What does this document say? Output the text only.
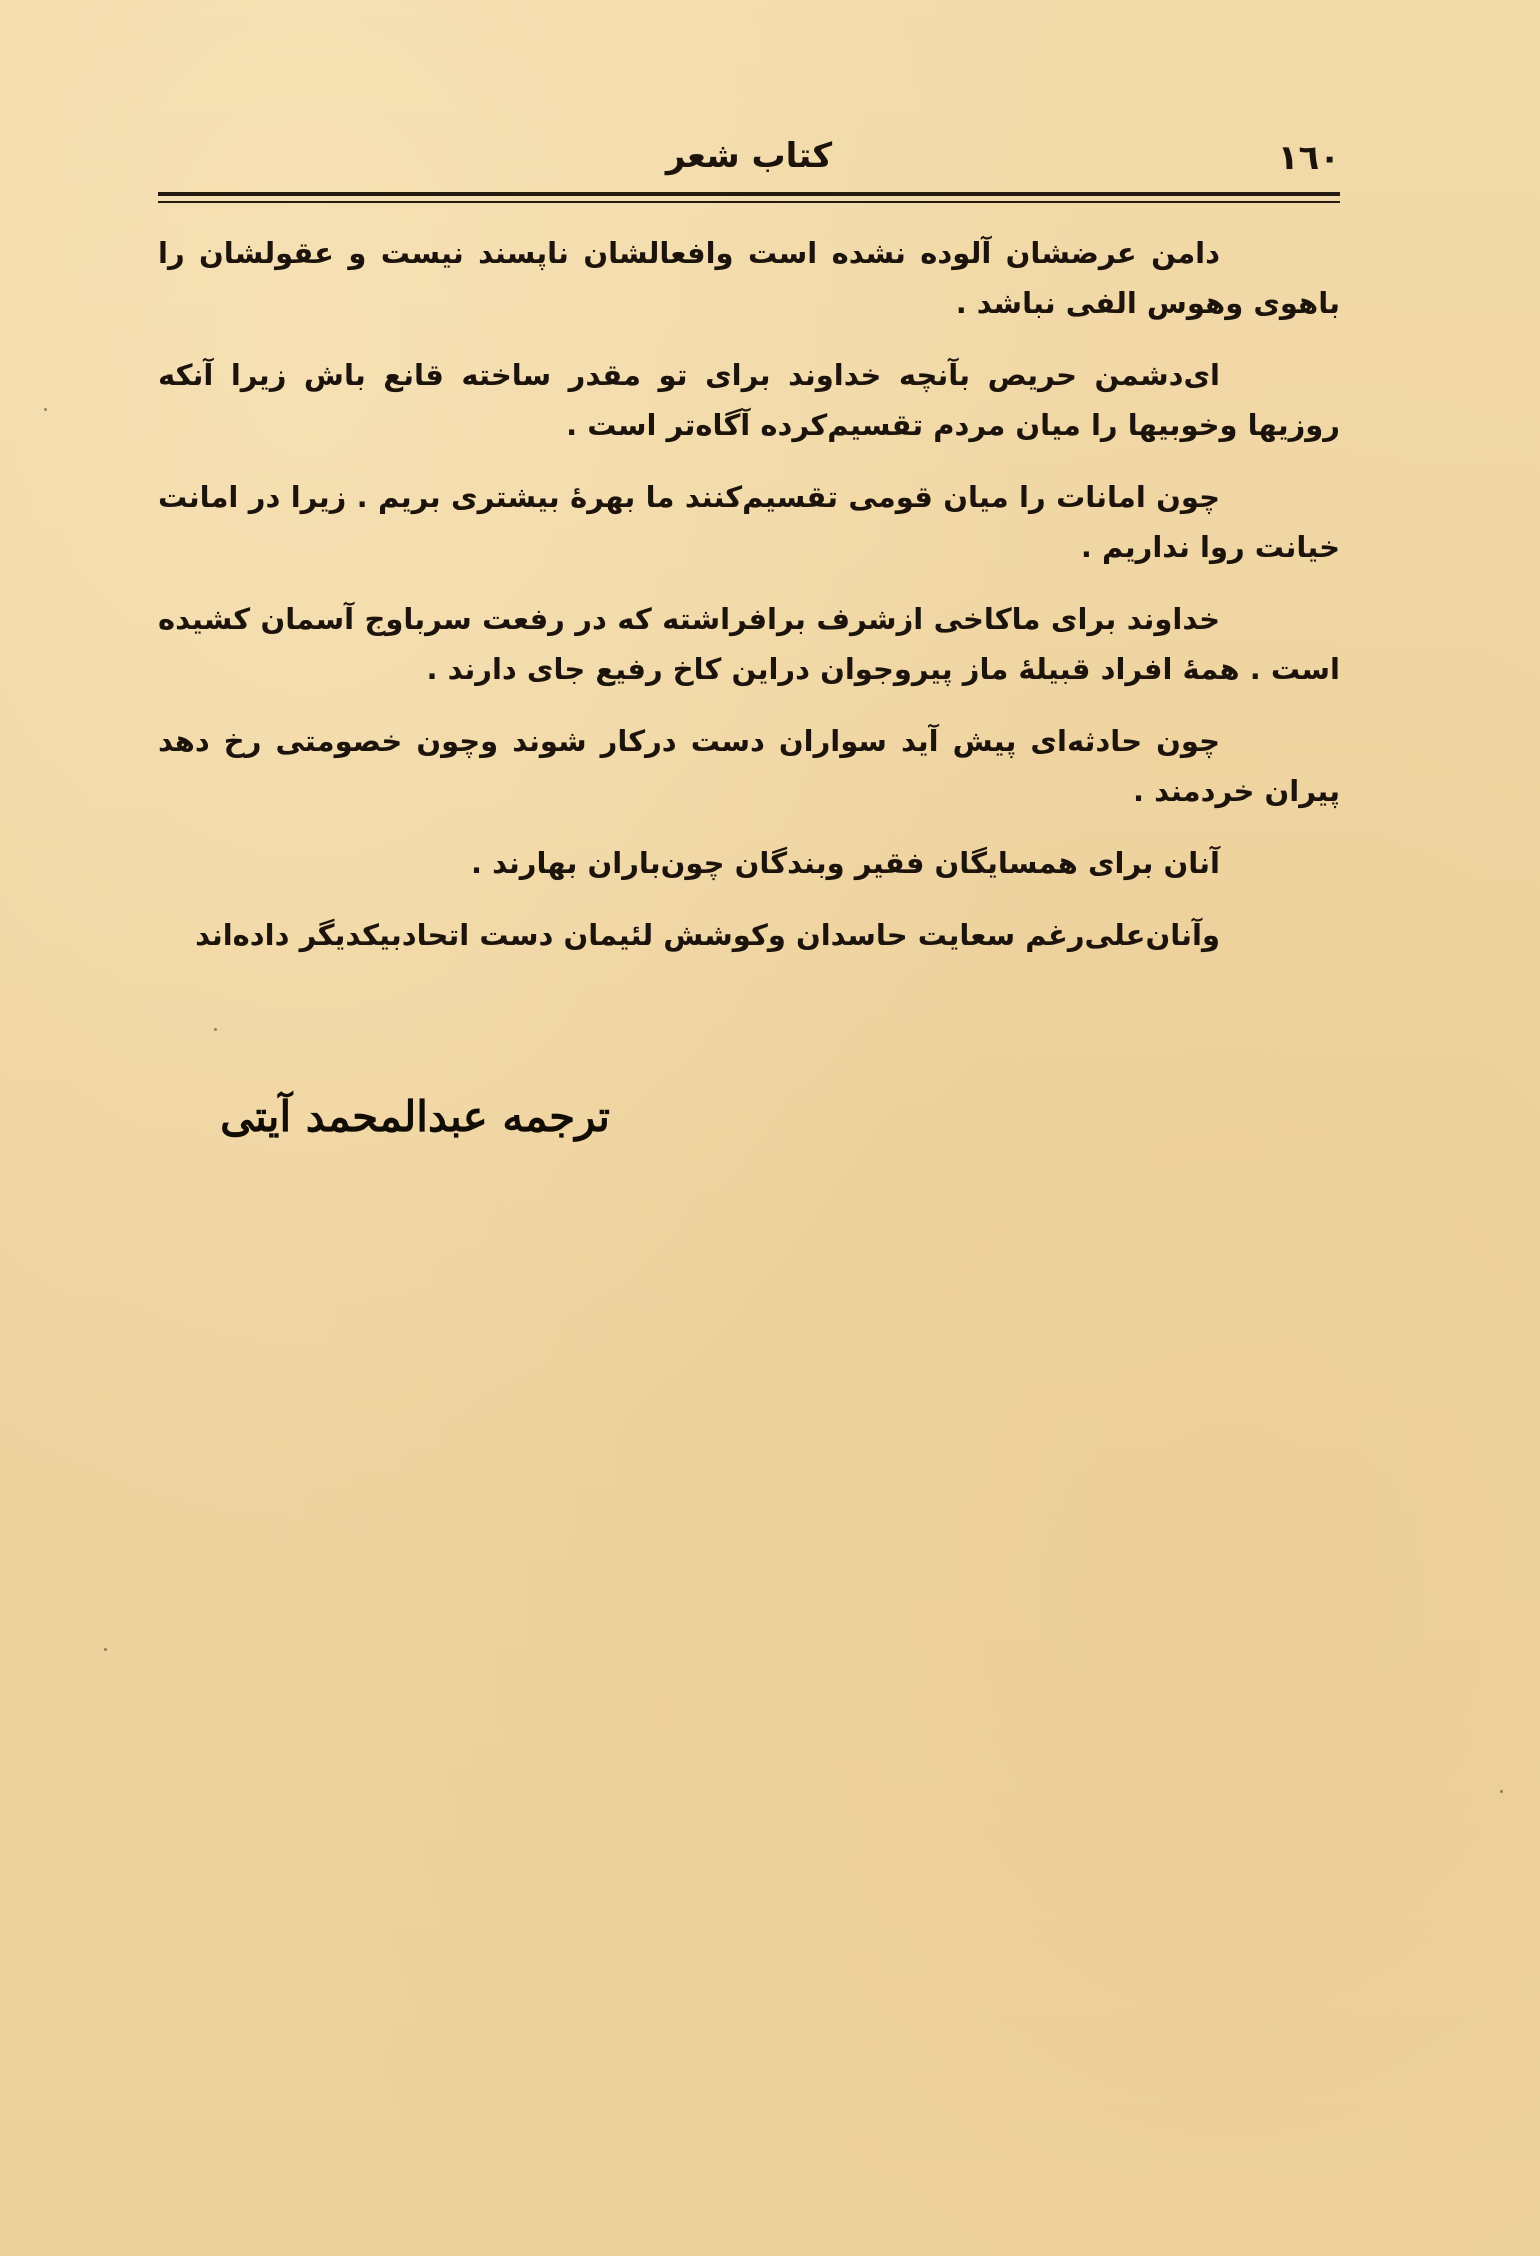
کتاب شعر	١٦٠

دامن عرضشان آلوده نشده است وافعالشان ناپسند نیست و عقولشان را باهوی وهوس الفی نباشد .

ای‌دشمن حریص بآنچه خداوند برای تو مقدر ساخته قانع باش زیرا آنکه روزیها وخوبیها را میان مردم تقسیم‌کرده آگاه‌تر است .

چون امانات را میان قومی تقسیم‌کنند ما بهرهٔ بیشتری بریم . زیرا در امانت خیانت روا نداریم .

خداوند برای ماکاخی ازشرف برافراشته که در رفعت سرباوج آسمان کشیده است . همهٔ افراد قبیلهٔ ماز پیروجوان دراین کاخ رفیع جای دارند .

چون حادثه‌ای پیش آید سواران دست درکار شوند وچون خصومتی رخ دهد پیران خردمند .

آنان برای همسایگان فقیر وبندگان چون‌باران بهارند .

وآنان‌علی‌رغم سعایت حاسدان وکوشش لئیمان دست اتحادبیکدیگر داده‌اند

ترجمه عبدالمحمد آیتی
